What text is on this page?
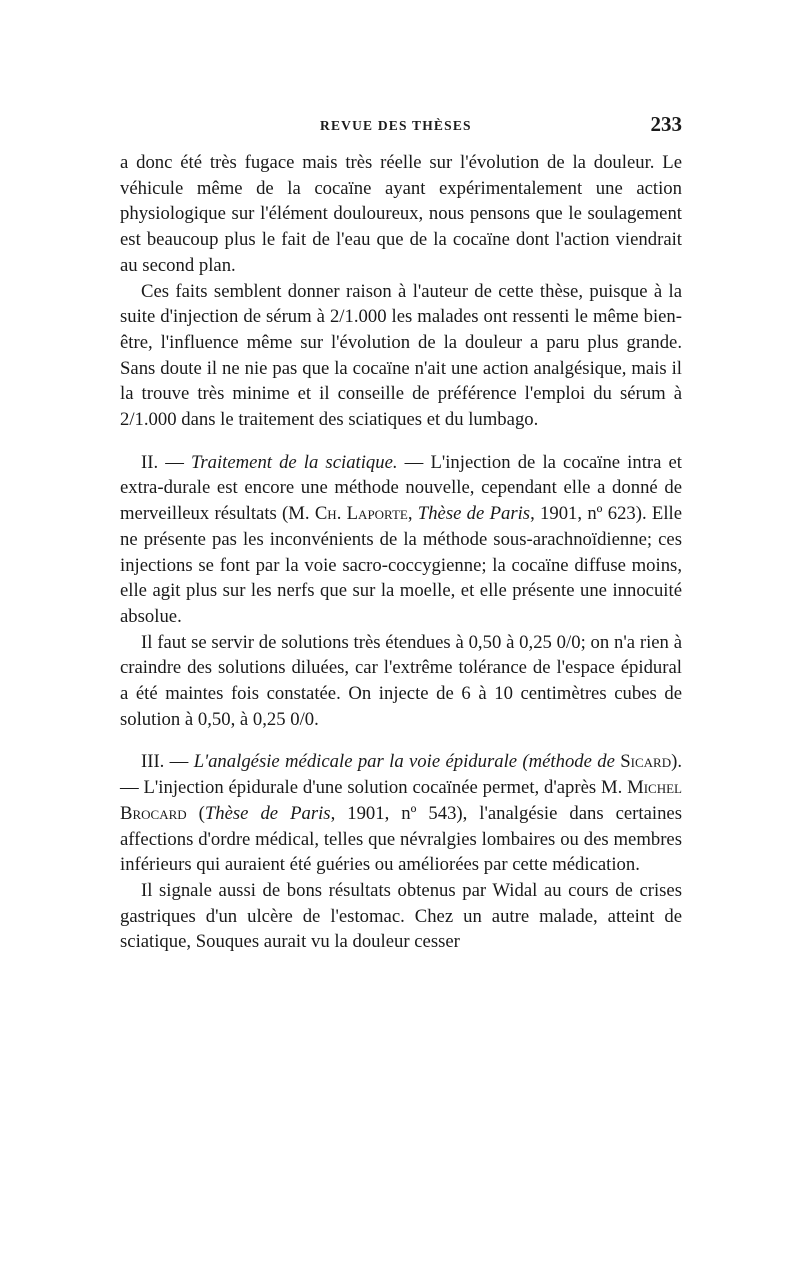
REVUE DES THÈSES	233

a donc été très fugace mais très réelle sur l'évolution de la douleur. Le véhicule même de la cocaïne ayant expérimentalement une action physiologique sur l'élément douloureux, nous pensons que le soulagement est beaucoup plus le fait de l'eau que de la cocaïne dont l'action viendrait au second plan.

Ces faits semblent donner raison à l'auteur de cette thèse, puisque à la suite d'injection de sérum à 2/1.000 les malades ont ressenti le même bien-être, l'influence même sur l'évolution de la douleur a paru plus grande. Sans doute il ne nie pas que la cocaïne n'ait une action analgésique, mais il la trouve très minime et il conseille de préférence l'emploi du sérum à 2/1.000 dans le traitement des sciatiques et du lumbago.

II. — Traitement de la sciatique. — L'injection de la cocaïne intra et extra-durale est encore une méthode nouvelle, cependant elle a donné de merveilleux résultats (M. Ch. Laporte, Thèse de Paris, 1901, nº 623). Elle ne présente pas les inconvénients de la méthode sous-arachnoïdienne; ces injections se font par la voie sacro-coccygienne; la cocaïne diffuse moins, elle agit plus sur les nerfs que sur la moelle, et elle présente une innocuité absolue.

Il faut se servir de solutions très étendues à 0,50 à 0,25 0/0; on n'a rien à craindre des solutions diluées, car l'extrême tolérance de l'espace épidural a été maintes fois constatée. On injecte de 6 à 10 centimètres cubes de solution à 0,50, à 0,25 0/0.

III. — L'analgésie médicale par la voie épidurale (méthode de Sicard). — L'injection épidurale d'une solution cocaïnée permet, d'après M. Michel Brocard (Thèse de Paris, 1901, nº 543), l'analgésie dans certaines affections d'ordre médical, telles que névralgies lombaires ou des membres inférieurs qui auraient été guéries ou améliorées par cette médication.

Il signale aussi de bons résultats obtenus par Widal au cours de crises gastriques d'un ulcère de l'estomac. Chez un autre malade, atteint de sciatique, Souques aurait vu la douleur cesser
